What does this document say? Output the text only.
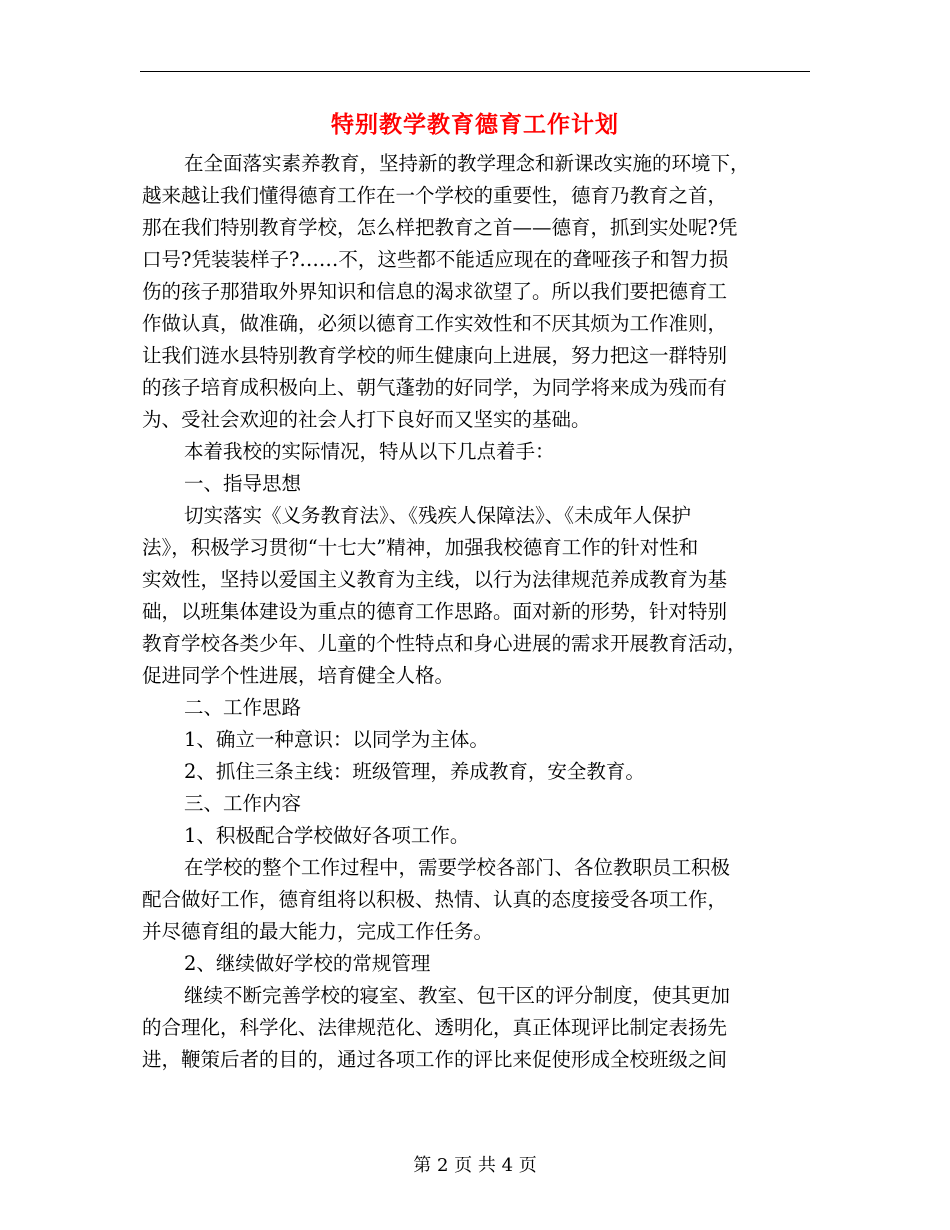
特别教学教育德育工作计划

在全面落实素养教育，坚持新的教学理念和新课改实施的环境下，
越来越让我们懂得德育工作在一个学校的重要性，德育乃教育之首，
那在我们特别教育学校，怎么样把教育之首——德育，抓到实处呢?凭
口号?凭装装样子?……不，这些都不能适应现在的聋哑孩子和智力损
伤的孩子那猎取外界知识和信息的渴求欲望了。所以我们要把德育工
作做认真，做准确，必须以德育工作实效性和不厌其烦为工作准则，
让我们涟水县特别教育学校的师生健康向上进展，努力把这一群特别
的孩子培育成积极向上、朝气蓬勃的好同学，为同学将来成为残而有
为、受社会欢迎的社会人打下良好而又坚实的基础。

本着我校的实际情况，特从以下几点着手：

一、指导思想

切实落实《义务教育法》、《残疾人保障法》、《未成年人保护
法》，积极学习贯彻“十七大”精神，加强我校德育工作的针对性和
实效性，坚持以爱国主义教育为主线，以行为法律规范养成教育为基
础，以班集体建设为重点的德育工作思路。面对新的形势，针对特别
教育学校各类少年、儿童的个性特点和身心进展的需求开展教育活动，
促进同学个性进展，培育健全人格。

二、工作思路

1、确立一种意识：以同学为主体。

2、抓住三条主线：班级管理，养成教育，安全教育。

三、工作内容

1、积极配合学校做好各项工作。

在学校的整个工作过程中，需要学校各部门、各位教职员工积极
配合做好工作，德育组将以积极、热情、认真的态度接受各项工作，
并尽德育组的最大能力，完成工作任务。

2、继续做好学校的常规管理

继续不断完善学校的寝室、教室、包干区的评分制度，使其更加
的合理化，科学化、法律规范化、透明化，真正体现评比制定表扬先
进，鞭策后者的目的，通过各项工作的评比来促使形成全校班级之间

第 2 页 共 4 页
